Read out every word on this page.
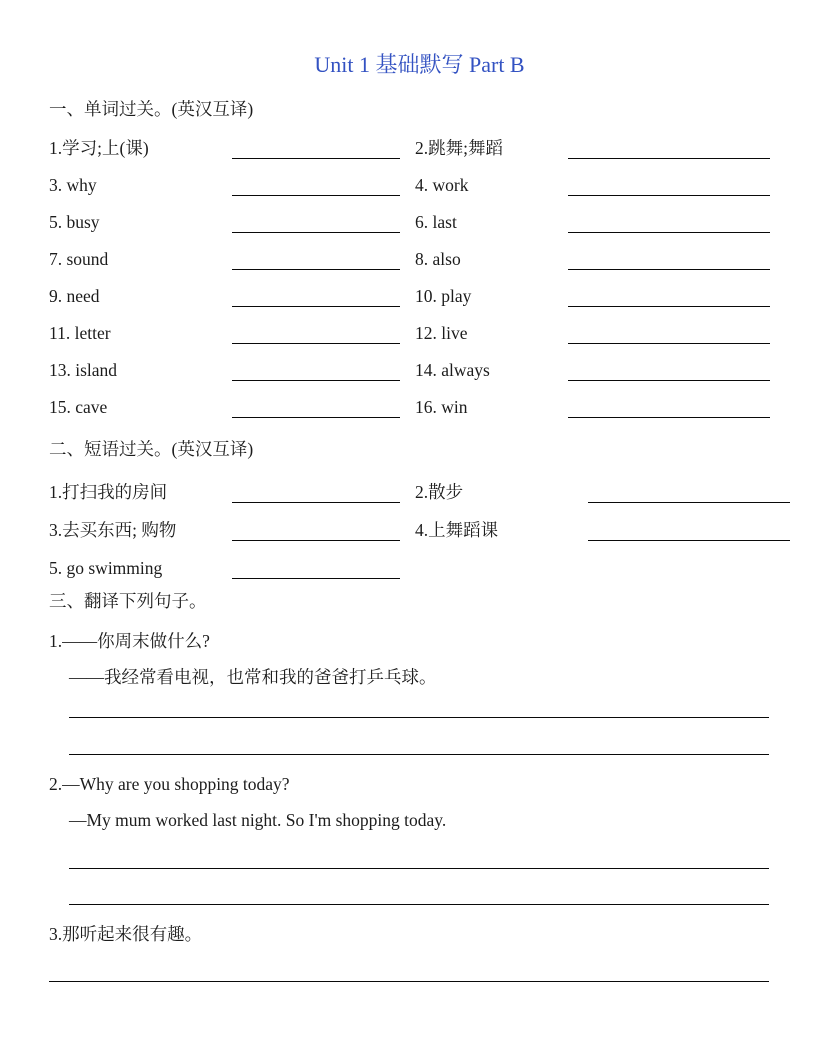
Unit 1 基础默写 Part B
一、单词过关。(英汉互译)
1.学习;上(课)	2.跳舞;舞蹈
3. why	4. work
5. busy	6. last
7. sound	8. also
9. need	10. play
11. letter	12. live
13. island	14. always
15. cave	16. win
二、短语过关。(英汉互译)
1.打扫我的房间	2.散步
3.去买东西; 购物	4.上舞蹈课
5. go swimming
三、翻译下列句子。
1.——你周末做什么?
——我经常看电视，也常和我的爸爸打乒乓球。
2.—Why are you shopping today?
—My mum worked last night. So I'm shopping today.
3.那听起来很有趣。
